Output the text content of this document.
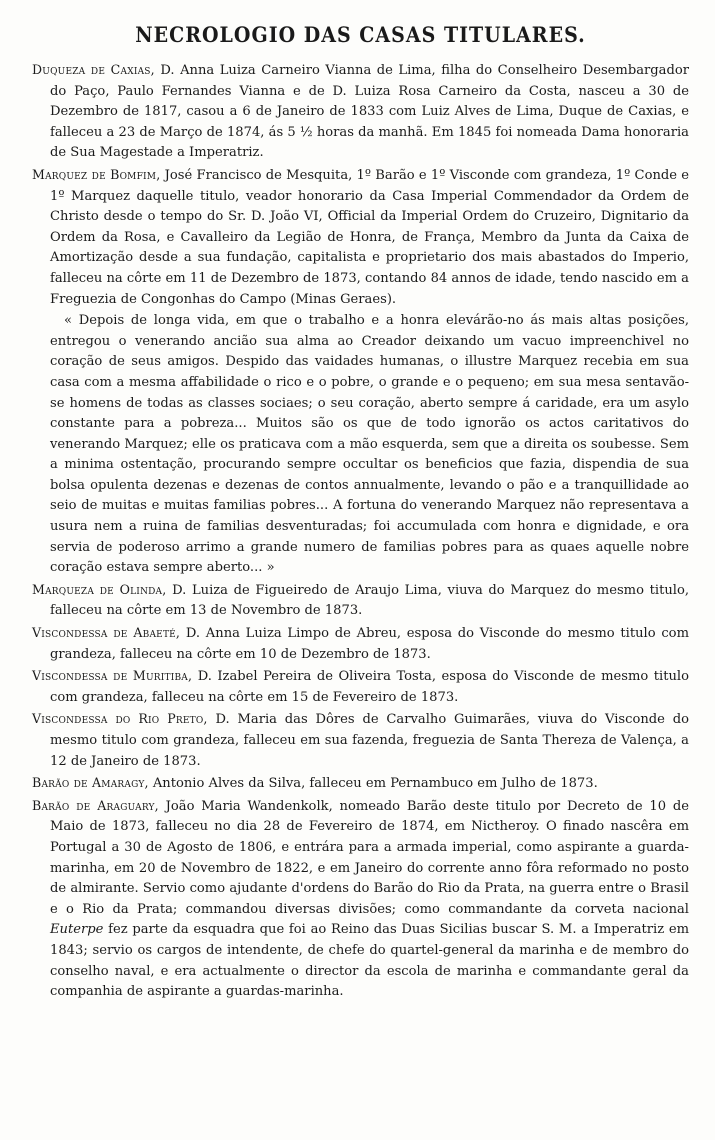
NECROLOGIO DAS CASAS TITULARES.

Duqueza de Caxias, D. Anna Luiza Carneiro Vianna de Lima, filha do Conselheiro Desembargador do Paço, Paulo Fernandes Vianna e de D. Luiza Rosa Carneiro da Costa, nasceu a 30 de Dezembro de 1817, casou a 6 de Janeiro de 1833 com Luiz Alves de Lima, Duque de Caxias, e falleceu a 23 de Março de 1874, ás 5 ½ horas da manhã. Em 1845 foi nomeada Dama honoraria de Sua Magestade a Imperatriz.

Marquez de Bomfim, José Francisco de Mesquita, 1º Barão e 1º Visconde com grandeza, 1º Conde e 1º Marquez daquelle titulo, veador honorario da Casa Imperial Commendador da Ordem de Christo desde o tempo do Sr. D. João VI, Official da Imperial Ordem do Cruzeiro, Dignitario da Ordem da Rosa, e Cavalleiro da Legião de Honra, de França, Membro da Junta da Caixa de Amortização desde a sua fundação, capitalista e proprietario dos mais abastados do Imperio, falleceu na côrte em 11 de Dezembro de 1873, contando 84 annos de idade, tendo nascido em a Freguezia de Congonhas do Campo (Minas Geraes).

« Depois de longa vida, em que o trabalho e a honra elevárão-no ás mais altas posições, entregou o venerando ancião sua alma ao Creador deixando um vacuo impreenchivel no coração de seus amigos. Despido das vaidades humanas, o illustre Marquez recebia em sua casa com a mesma affabilidade o rico e o pobre, o grande e o pequeno; em sua mesa sentavão-se homens de todas as classes sociaes; o seu coração, aberto sempre á caridade, era um asylo constante para a pobreza... Muitos são os que de todo ignorão os actos caritativos do venerando Marquez; elle os praticava com a mão esquerda, sem que a direita os soubesse. Sem a minima ostentação, procurando sempre occultar os beneficios que fazia, dispendia de sua bolsa opulenta dezenas e dezenas de contos annualmente, levando o pão e a tranquillidade ao seio de muitas e muitas familias pobres... A fortuna do venerando Marquez não representava a usura nem a ruina de familias desventuradas; foi accumulada com honra e dignidade, e ora servia de poderoso arrimo a grande numero de familias pobres para as quaes aquelle nobre coração estava sempre aberto... »

Marqueza de Olinda, D. Luiza de Figueiredo de Araujo Lima, viuva do Marquez do mesmo titulo, falleceu na côrte em 13 de Novembro de 1873.

Viscondessa de Abaeté, D. Anna Luiza Limpo de Abreu, esposa do Visconde do mesmo titulo com grandeza, falleceu na côrte em 10 de Dezembro de 1873.

Viscondessa de Muritiba, D. Izabel Pereira de Oliveira Tosta, esposa do Visconde de mesmo titulo com grandeza, falleceu na côrte em 15 de Fevereiro de 1873.

Viscondessa do Rio Preto, D. Maria das Dôres de Carvalho Guimarães, viuva do Visconde do mesmo titulo com grandeza, falleceu em sua fazenda, freguezia de Santa Thereza de Valença, a 12 de Janeiro de 1873.

Barão de Amaragy, Antonio Alves da Silva, falleceu em Pernambuco em Julho de 1873.

Barão de Araguary, João Maria Wandenkolk, nomeado Barão deste titulo por Decreto de 10 de Maio de 1873, falleceu no dia 28 de Fevereiro de 1874, em Nictheroy. O finado nascêra em Portugal a 30 de Agosto de 1806, e entrára para a armada imperial, como aspirante a guarda-marinha, em 20 de Novembro de 1822, e em Janeiro do corrente anno fôra reformado no posto de almirante. Servio como ajudante d'ordens do Barão do Rio da Prata, na guerra entre o Brasil e o Rio da Prata; commandou diversas divisões; como commandante da corveta nacional Euterpe fez parte da esquadra que foi ao Reino das Duas Sicilias buscar S. M. a Imperatriz em 1843; servio os cargos de intendente, de chefe do quartel-general da marinha e de membro do conselho naval, e era actualmente o director da escola de marinha e commandante geral da companhia de aspirante a guardas-marinha.
